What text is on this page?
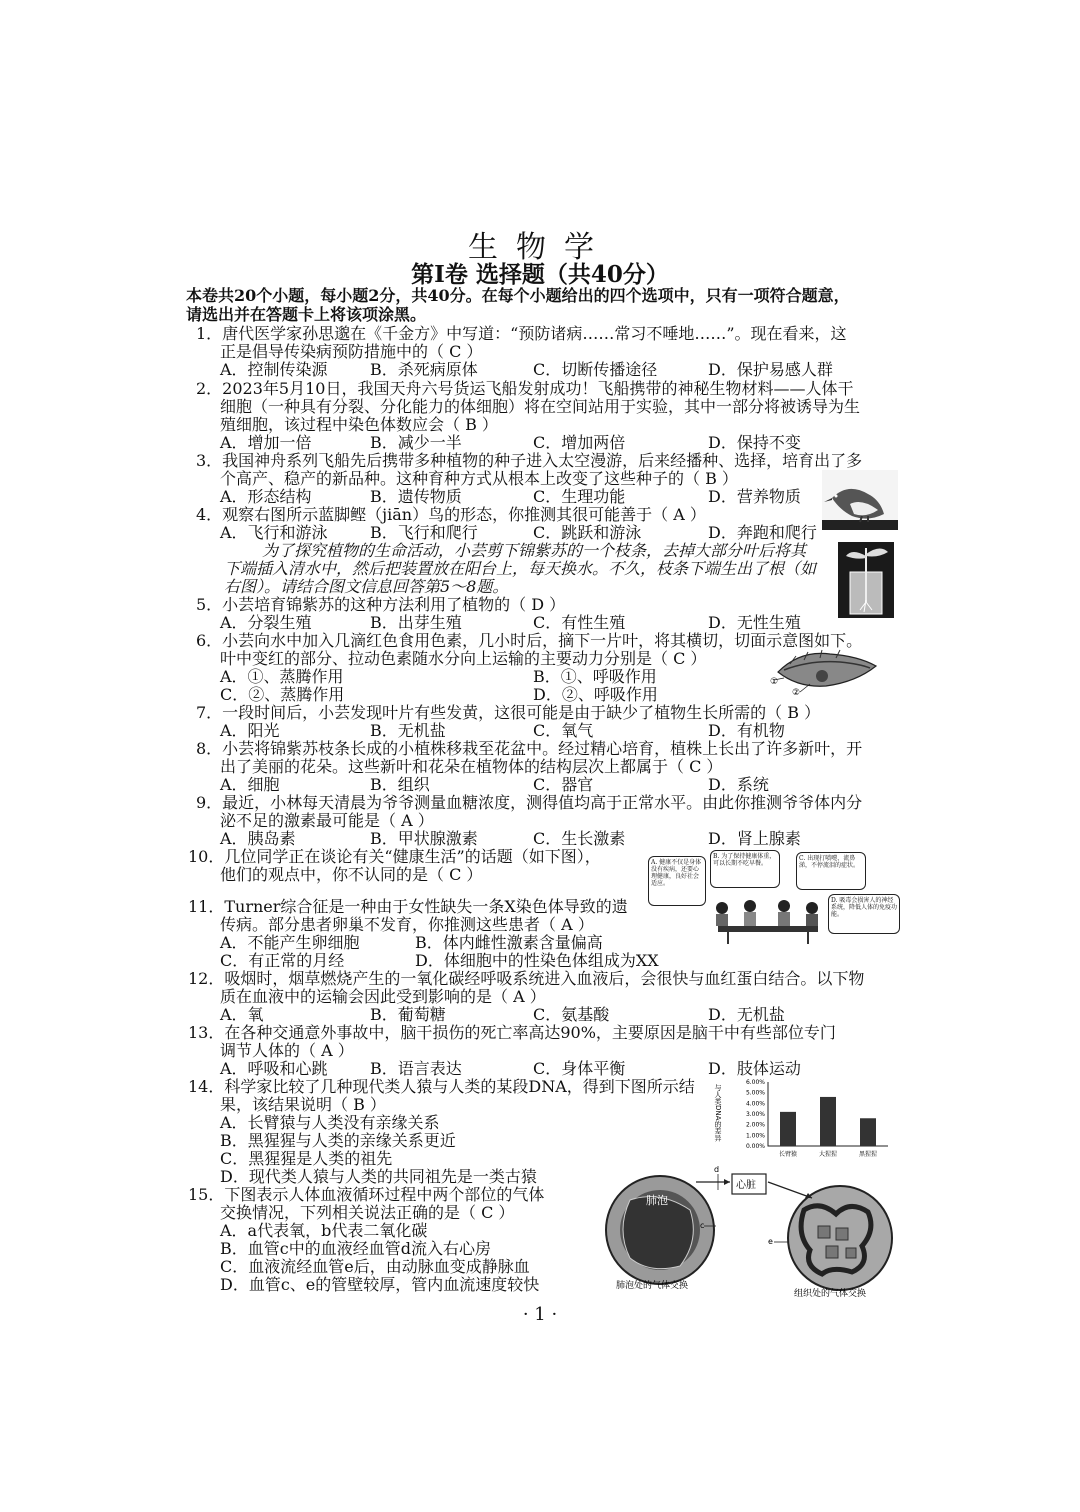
生物学
第Ⅰ卷 选择题（共40分）
本卷共20个小题，每小题2分，共40分。在每个小题给出的四个选项中，只有一项符合题意，
请选出并在答题卡上将该项涂黑。
1．唐代医学家孙思邈在《千金方》中写道：“预防诸病……常习不唾地……”。现在看来，这
正是倡导传染病预防措施中的（ C ）
A．控制传染源	B．杀死病原体	C．切断传播途径	D．保护易感人群
2．2023年5月10日，我国天舟六号货运飞船发射成功！飞船携带的神秘生物材料——人体干
细胞（一种具有分裂、分化能力的体细胞）将在空间站用于实验，其中一部分将被诱导为生
殖细胞，该过程中染色体数应会（ B ）
A．增加一倍	B．减少一半	C．增加两倍	D．保持不变
3．我国神舟系列飞船先后携带多种植物的种子进入太空漫游，后来经播种、选择，培育出了多
个高产、稳产的新品种。这种育种方式从根本上改变了这些种子的（ B ）
A．形态结构	B．遗传物质	C．生理功能	D．营养物质
4．观察右图所示蓝脚鲣（jiān）鸟的形态，你推测其很可能善于（ A ）
A．飞行和游泳	B．飞行和爬行	C．跳跃和游泳	D．奔跑和爬行
为了探究植物的生命活动，小芸剪下锦紫苏的一个枝条，去掉大部分叶后将其
下端插入清水中，然后把装置放在阳台上，每天换水。不久，枝条下端生出了根（如
右图）。请结合图文信息回答第5～8题。
5．小芸培育锦紫苏的这种方法利用了植物的（ D ）
A．分裂生殖	B．出芽生殖	C．有性生殖	D．无性生殖
6．小芸向水中加入几滴红色食用色素，几小时后，摘下一片叶，将其横切，切面示意图如下。
叶中变红的部分、拉动色素随水分向上运输的主要动力分别是（ C ）
A．①、蒸腾作用	B．①、呼吸作用
C．②、蒸腾作用	D．②、呼吸作用
①
②
7．一段时间后，小芸发现叶片有些发黄，这很可能是由于缺少了植物生长所需的（ B ）
A．阳光	B．无机盐	C．氧气	D．有机物
8．小芸将锦紫苏枝条长成的小植株移栽至花盆中。经过精心培育，植株上长出了许多新叶，开
出了美丽的花朵。这些新叶和花朵在植物体的结构层次上都属于（ C ）
A．细胞	B．组织	C．器官	D．系统
9．最近，小林每天清晨为爷爷测量血糖浓度，测得值均高于正常水平。由此你推测爷爷体内分
泌不足的激素最可能是（ A ）
A．胰岛素	B．甲状腺激素	C．生长激素	D．肾上腺素
10．几位同学正在谈论有关“健康生活”的话题（如下图），
他们的观点中，你不认同的是（ C ）
A. 健康不仅是身体没有疾病，还要心理健康，良好社会适应。
B. 为了保持健康体重，可以长期不吃早餐。
C. 出现打喷嚏、流鼻涕，不停流泪的症状。
D. 吸毒会损害人的神经系统，降低人体的免疫功能。
11．Turner综合征是一种由于女性缺失一条X染色体导致的遗
传病。部分患者卵巢不发育，你推测这些患者（ A ）
A．不能产生卵细胞	B．体内雌性激素含量偏高
C．有正常的月经	D．体细胞中的性染色体组成为XX
12．吸烟时，烟草燃烧产生的一氧化碳经呼吸系统进入血液后，会很快与血红蛋白结合。以下物
质在血液中的运输会因此受到影响的是（ A ）
A．氧	B．葡萄糖	C．氨基酸	D．无机盐
13．在各种交通意外事故中，脑干损伤的死亡率高达90%，主要原因是脑干中有些部位专门
调节人体的（ A ）
A．呼吸和心跳	B．语言表达	C．身体平衡	D．肢体运动
14．科学家比较了几种现代类人猿与人类的某段DNA，得到下图所示结
果，该结果说明（ B ）
A．长臂猿与人类没有亲缘关系
B．黑猩猩与人类的亲缘关系更近
C．黑猩猩是人类的祖先
D．现代类人猿与人类的共同祖先是一类古猿
与人类DNA的差异
0.00%
1.00%
2.00%
3.00%
4.00%
5.00%
6.00%
长臂猿	大猩猩	黑猩猩
15．下图表示人体血液循环过程中两个部位的气体
交换情况，下列相关说法正确的是（ C ）
A．a代表氧，b代表二氧化碳
B．血管c中的血液经血管d流入右心房
C．血液流经血管e后，由动脉血变成静脉血
D．血管c、e的管壁较厚，管内血流速度较快
肺泡
心脏
d
c
e
肺泡处的气体交换
组织处的气体交换
· 1 ·
